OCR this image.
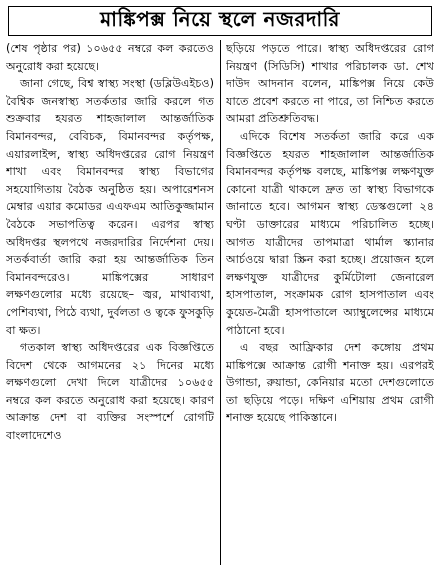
মাঙ্কিপক্স নিয়ে স্থলে নজরদারি

(শেষ পৃষ্ঠার পর) ১০৬৫৫ নম্বরে কল করতেও অনুরোধ করা হয়েছে।

জানা গেছে, বিশ্ব স্বাস্থ্য সংস্থা (ডব্লিউএইচও) বৈশ্বিক জনস্বাস্থ্য সতর্কতার জারি করলে গত শুক্রবার হযরত শাহজালাল আন্তর্জাতিক বিমানবন্দর, বেবিচক, বিমানবন্দর কর্তৃপক্ষ, এয়ারলাইন্স, স্বাস্থ্য অধিদপ্তরের রোগ নিয়ন্ত্রণ শাখা এবং বিমানবন্দর স্বাস্থ্য বিভাগের সহযোগিতায় বৈঠক অনুষ্ঠিত হয়। অপারেশনস মেম্বার এয়ার কমোডর এএফএম আতিকুজ্জামান বৈঠকে সভাপতিত্ব করেন। এরপর স্বাস্থ্য অধিদপ্তর স্থলপথে নজরদারির নির্দেশনা দেয়। সতর্কবার্তা জারি করা হয় আন্তর্জাতিক তিন বিমানবন্দরেও। মাঙ্কিপক্সের সাধারণ লক্ষণগুলোর মধ্যে রয়েছে– জ্বর, মাথাব্যথা, পেশিব্যথা, পিঠে ব্যথা, দুর্বলতা ও ত্বকে ফুসকুড়ি বা ক্ষত।

গতকাল স্বাস্থ্য অধিদপ্তরের এক বিজ্ঞপ্তিতে বিদেশ থেকে আগমনের ২১ দিনের মধ্যে লক্ষণগুলো দেখা দিলে যাত্রীদের ১০৬৫৫ নম্বরে কল করতে অনুরোধ করা হয়েছে। কারণ আক্রান্ত দেশ বা ব্যক্তির সংস্পর্শে রোগটি বাংলাদেশেও

ছড়িয়ে পড়তে পারে। স্বাস্থ্য অধিদপ্তরের রোগ নিয়ন্ত্রণ (সিডিসি) শাখার পরিচালক ডা. শেখ দাউদ আদনান বলেন, মাঙ্কিপক্স নিয়ে কেউ যাতে প্রবেশ করতে না পারে, তা নিশ্চিত করতে আমরা প্রতিশ্রুতিবদ্ধ।

এদিকে বিশেষ সতর্কতা জারি করে এক বিজ্ঞপ্তিতে হযরত শাহজালাল আন্তর্জাতিক বিমানবন্দর কর্তৃপক্ষ বলছে, মাঙ্কিপক্স লক্ষণযুক্ত কোনো যাত্রী থাকলে দ্রুত তা স্বাস্থ্য বিভাগকে জানাতে হবে। আগমন স্বাস্থ্য ডেস্কগুলো ২৪ ঘণ্টা ডাক্তারের মাধ্যমে পরিচালিত হচ্ছে। আগত যাত্রীদের তাপমাত্রা থার্মাল স্ক্যানার আর্চওয়ে দ্বারা স্ক্রিন করা হচ্ছে। প্রয়োজন হলে লক্ষণযুক্ত যাত্রীদের কুর্মিটোলা জেনারেল হাসপাতাল, সংক্রামক রোগ হাসপাতাল এবং কুয়েত-মৈত্রী হাসপাতালে অ্যাম্বুলেন্সের মাধ্যমে পাঠানো হবে।

এ বছর আফ্রিকার দেশ কঙ্গোয় প্রথম মাঙ্কিপক্সে আক্রান্ত রোগী শনাক্ত হয়। এরপরই উগান্ডা, রুয়ান্ডা, কেনিয়ার মতো দেশগুলোতে তা ছড়িয়ে পড়ে। দক্ষিণ এশিয়ায় প্রথম রোগী শনাক্ত হয়েছে পাকিস্তানে।
